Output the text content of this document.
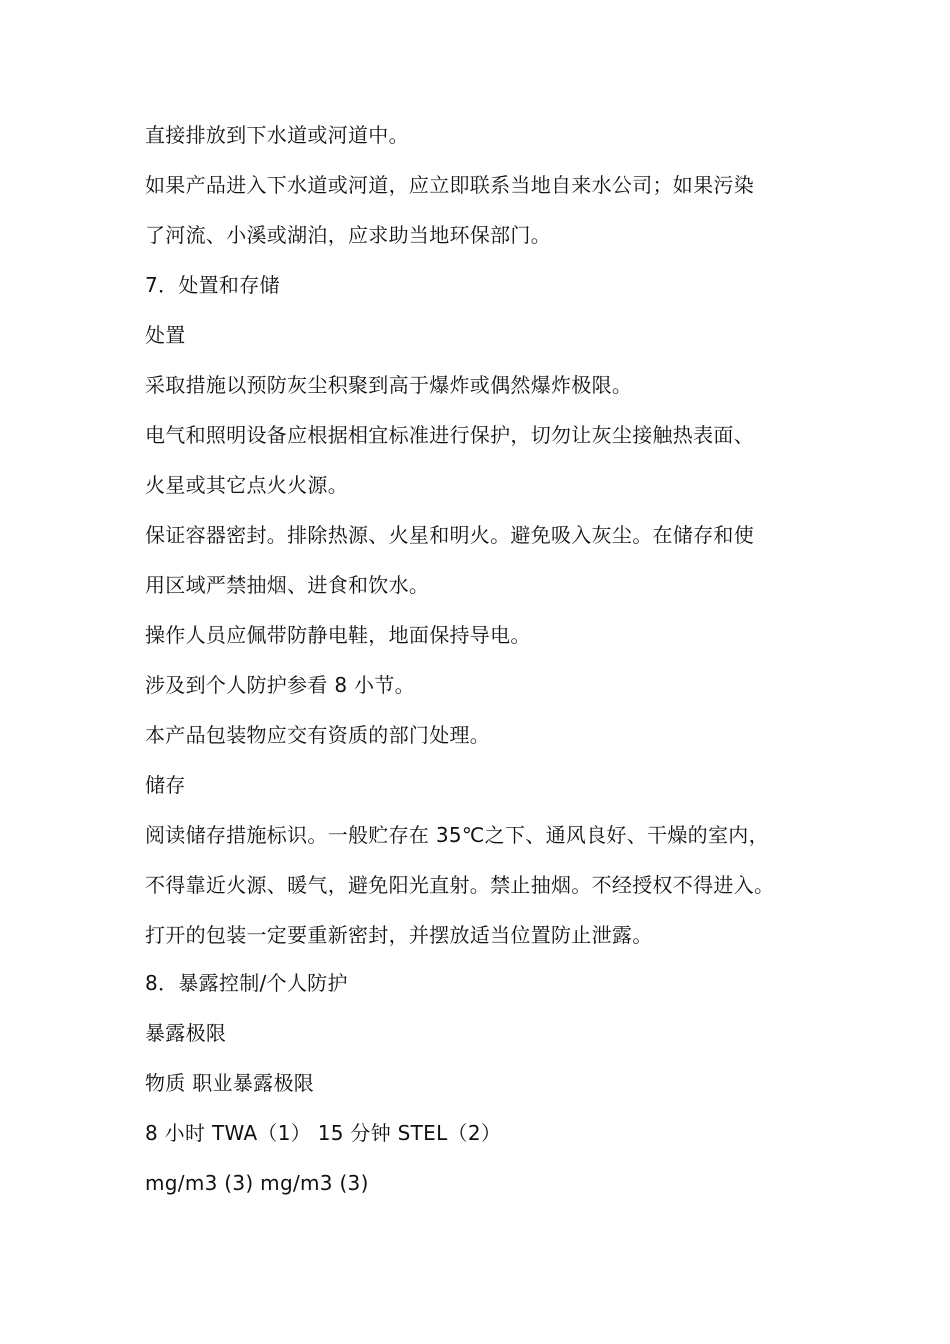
直接排放到下水道或河道中。
如果产品进入下水道或河道，应立即联系当地自来水公司；如果污染
了河流、小溪或湖泊，应求助当地环保部门。
7．处置和存储
处置
采取措施以预防灰尘积聚到高于爆炸或偶然爆炸极限。
电气和照明设备应根据相宜标准进行保护，切勿让灰尘接触热表面、
火星或其它点火火源。
保证容器密封。排除热源、火星和明火。避免吸入灰尘。在储存和使
用区域严禁抽烟、进食和饮水。
操作人员应佩带防静电鞋，地面保持导电。
涉及到个人防护参看 8 小节。
本产品包装物应交有资质的部门处理。
储存
阅读储存措施标识。一般贮存在 35℃之下、通风良好、干燥的室内，
不得靠近火源、暖气，避免阳光直射。禁止抽烟。不经授权不得进入。
打开的包装一定要重新密封，并摆放适当位置防止泄露。
8．暴露控制/个人防护
暴露极限
物质 职业暴露极限
8 小时 TWA（1） 15 分钟 STEL（2）
mg/m3 (3) mg/m3 (3)
